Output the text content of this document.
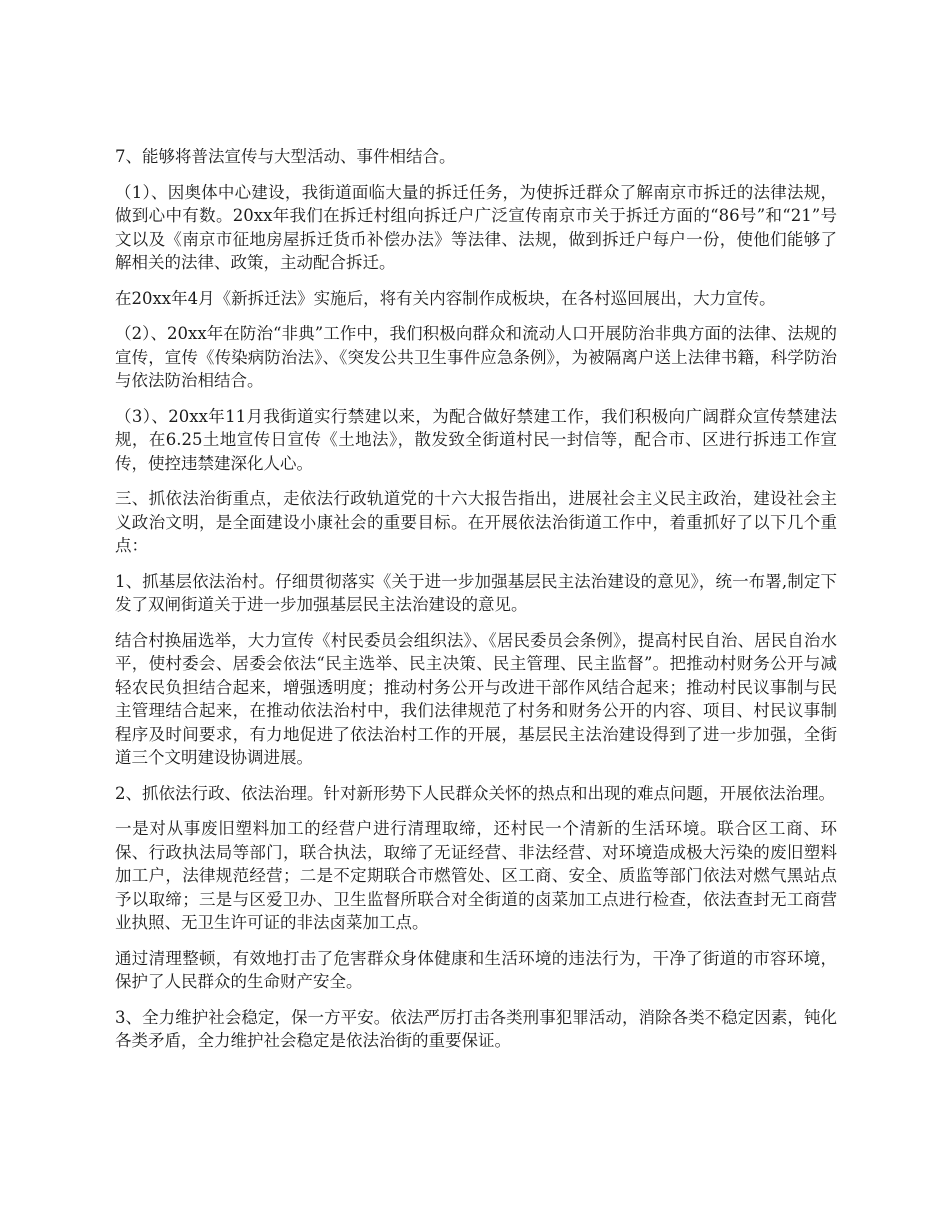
7、能够将普法宣传与大型活动、事件相结合。

（1）、因奥体中心建设，我街道面临大量的拆迁任务，为使拆迁群众了解南京市拆迁的法律法规，做到心中有数。20xx年我们在拆迁村组向拆迁户广泛宣传南京市关于拆迁方面的“86号”和“21”号文以及《南京市征地房屋拆迁货币补偿办法》等法律、法规，做到拆迁户每户一份，使他们能够了解相关的法律、政策，主动配合拆迁。

在20xx年4月《新拆迁法》实施后，将有关内容制作成板块，在各村巡回展出，大力宣传。

（2）、20xx年在防治“非典”工作中，我们积极向群众和流动人口开展防治非典方面的法律、法规的宣传，宣传《传染病防治法》、《突发公共卫生事件应急条例》，为被隔离户送上法律书籍，科学防治与依法防治相结合。

（3）、20xx年11月我街道实行禁建以来，为配合做好禁建工作，我们积极向广阔群众宣传禁建法规，在6.25土地宣传日宣传《土地法》，散发致全街道村民一封信等，配合市、区进行拆违工作宣传，使控违禁建深化人心。

三、抓依法治街重点，走依法行政轨道党的十六大报告指出，进展社会主义民主政治，建设社会主义政治文明，是全面建设小康社会的重要目标。在开展依法治街道工作中，着重抓好了以下几个重点：

1、抓基层依法治村。仔细贯彻落实《关于进一步加强基层民主法治建设的意见》，统一布署,制定下发了双闸街道关于进一步加强基层民主法治建设的意见。

结合村换届选举，大力宣传《村民委员会组织法》、《居民委员会条例》，提高村民自治、居民自治水平，使村委会、居委会依法“民主选举、民主决策、民主管理、民主监督”。把推动村财务公开与减轻农民负担结合起来，增强透明度；推动村务公开与改进干部作风结合起来；推动村民议事制与民主管理结合起来，在推动依法治村中，我们法律规范了村务和财务公开的内容、项目、村民议事制程序及时间要求，有力地促进了依法治村工作的开展，基层民主法治建设得到了进一步加强，全街道三个文明建设协调进展。

2、抓依法行政、依法治理。针对新形势下人民群众关怀的热点和出现的难点问题，开展依法治理。

一是对从事废旧塑料加工的经营户进行清理取缔，还村民一个清新的生活环境。联合区工商、环保、行政执法局等部门，联合执法，取缔了无证经营、非法经营、对环境造成极大污染的废旧塑料加工户，法律规范经营；二是不定期联合市燃管处、区工商、安全、质监等部门依法对燃气黑站点予以取缔；三是与区爱卫办、卫生监督所联合对全街道的卤菜加工点进行检查，依法查封无工商营业执照、无卫生许可证的非法卤菜加工点。

通过清理整顿，有效地打击了危害群众身体健康和生活环境的违法行为，干净了街道的市容环境，保护了人民群众的生命财产安全。

3、全力维护社会稳定，保一方平安。依法严厉打击各类刑事犯罪活动，消除各类不稳定因素，钝化各类矛盾，全力维护社会稳定是依法治街的重要保证。
